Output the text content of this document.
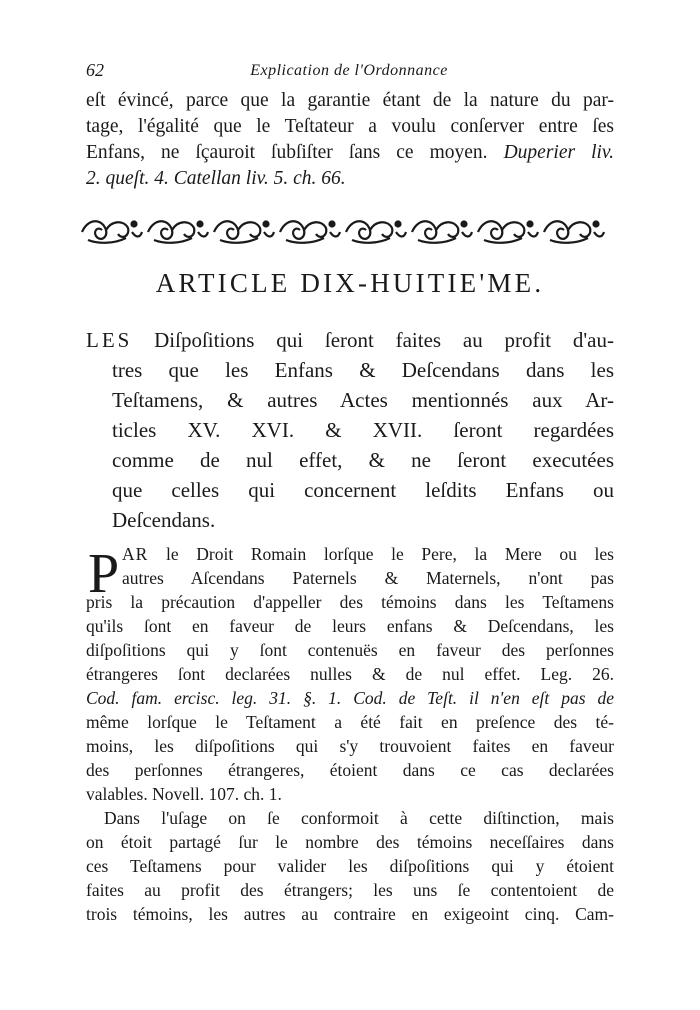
62	Explication de l'Ordonnance
eſt évincé, parce que la garantie étant de la nature du par-
tage, l'égalité que le Teſtateur a voulu conſerver entre ſes
Enfans, ne ſçauroit ſubſiſter ſans ce moyen. Duperier liv.
2. queſt. 4. Catellan liv. 5. ch. 66.
ARTICLE DIX-HUITIE'ME.
LES Diſpoſitions qui ſeront faites au profit d'au-
tres que les Enfans & Deſcendans dans les
Teſtamens, & autres Actes mentionnés aux Ar-
ticles XV. XVI. & XVII. ſeront regardées
comme de nul effet, & ne ſeront executées
que celles qui concernent leſdits Enfans ou
Deſcendans.
P AR le Droit Romain lorſque le Pere, la Mere ou les
autres Aſcendans Paternels & Maternels, n'ont pas
pris la précaution d'appeller des témoins dans les Teſtamens
qu'ils ſont en faveur de leurs enfans & Deſcendans, les
diſpoſitions qui y ſont contenuës en faveur des perſonnes
étrangeres ſont declarées nulles & de nul effet. Leg. 26.
Cod. fam. ercisc. leg. 31. §. 1. Cod. de Teſt. il n'en eſt pas de
même lorſque le Teſtament a été fait en preſence des té-
moins, les diſpoſitions qui s'y trouvoient faites en faveur
des perſonnes étrangeres, étoient dans ce cas declarées
valables. Novell. 107. ch. 1.
Dans l'uſage on ſe conformoit à cette diſtinction, mais
on étoit partagé ſur le nombre des témoins neceſſaires dans
ces Teſtamens pour valider les diſpoſitions qui y étoient
faites au profit des étrangers; les uns ſe contentoient de
trois témoins, les autres au contraire en exigeoint cinq. Cam-
